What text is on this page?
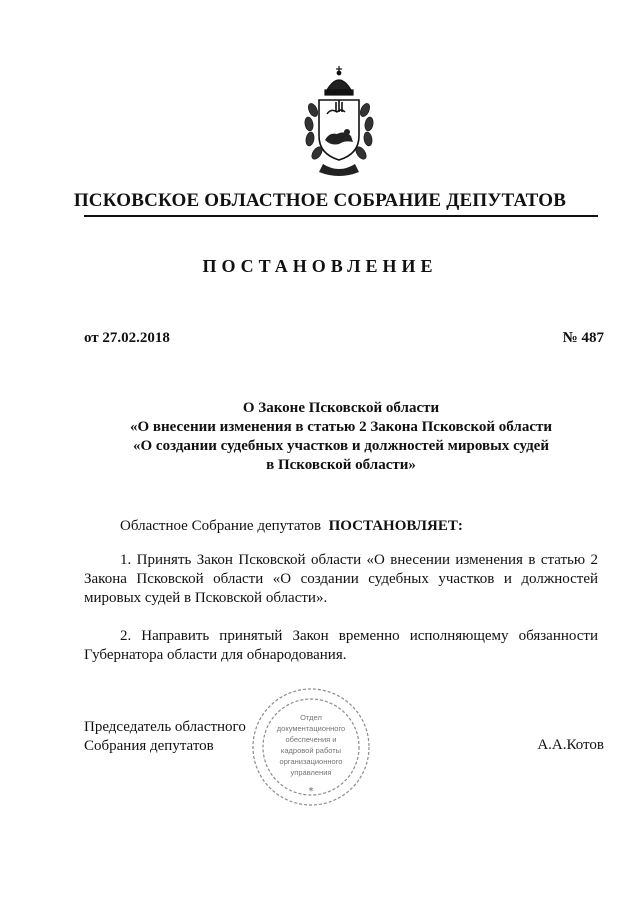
ПСКОВСКОЕ ОБЛАСТНОЕ СОБРАНИЕ ДЕПУТАТОВ
ПОСТАНОВЛЕНИЕ
от 27.02.2018	№ 487
О Законе Псковской области
«О внесении изменения в статью 2 Закона Псковской области
«О создании судебных участков и должностей мировых судей
в Псковской области»
Областное Собрание депутатов ПОСТАНОВЛЯЕТ:
1. Принять Закон Псковской области «О внесении изменения в статью 2 Закона Псковской области «О создании судебных участков и должностей мировых судей в Псковской области».
2. Направить принятый Закон временно исполняющему обязанности Губернатора области для обнародования.
Председатель областного
Собрания депутатов	А.А.Котов
Отдел
документационного
обеспечения и
кадровой работы
организационного
управления
*
